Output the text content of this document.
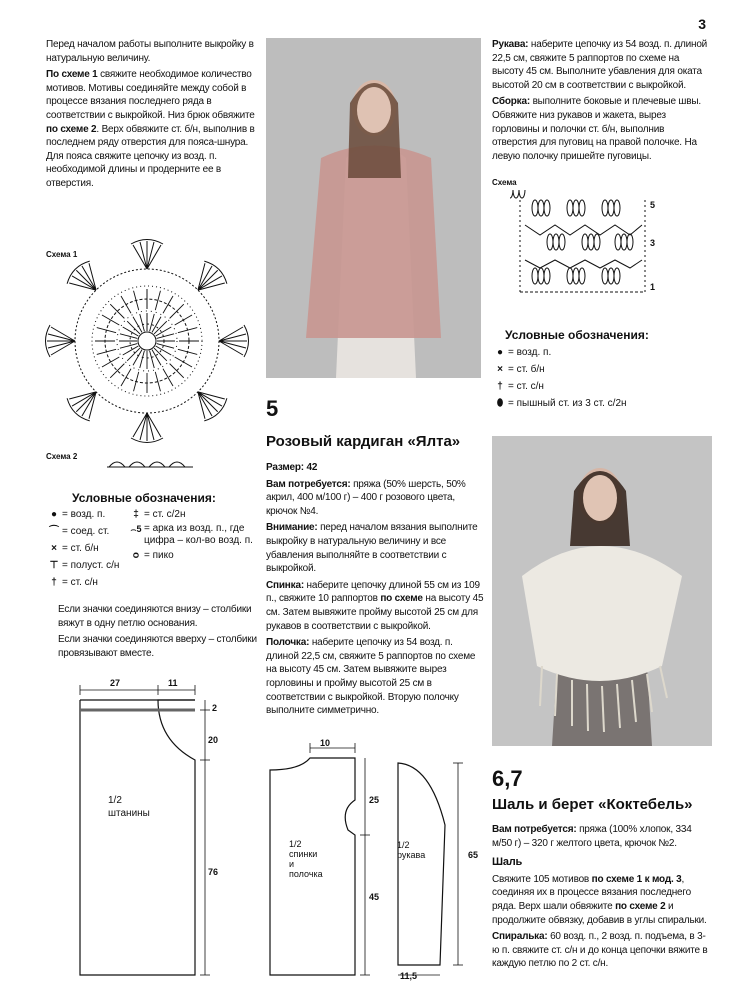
3

Перед началом работы выполните выкройку в натуральную величину.

По схеме 1 свяжите необходимое количество мотивов. Мотивы соединяйте между собой в процессе вязания последнего ряда в соответствии с выкройкой. Низ брюк обвяжите по схеме 2. Верх обвяжите ст. б/н, выполнив в последнем ряду отверстия для пояса-шнура. Для пояса свяжите цепочку из возд. п. необходимой длины и продерните ее в отверстия.

Схема 1
Схема 2
Условные обозначения:
● = возд. п.
⌒ = соед. ст.
× = ст. б/н
⊤ = полуст. с/н
† = ст. с/н
‡ = ст. с/2н
⌢5 = арка из возд. п., где цифра – кол-во возд. п.
ᴑ = пико

Если значки соединяются внизу – столбики вяжут в одну петлю основания.

Если значки соединяются вверху – столбики провязывают вместе.

27	11
2
20
76
1/2
штанины
5
Розовый кардиган «Ялта»

Размер: 42

Вам потребуется: пряжа (50% шерсть, 50% акрил, 400 м/100 г) – 400 г розового цвета, крючок №4.

Внимание: перед началом вязания выполните выкройку в натуральную величину и все убавления выполняйте в соответствии с выкройкой.

Спинка: наберите цепочку длиной 55 см из 109 п., свяжите 10 раппортов по схеме на высоту 45 см. Затем вывяжите пройму высотой 25 см для рукавов в соответствии с выкройкой.

Полочка: наберите цепочку из 54 возд. п. длиной 22,5 см, свяжите 5 раппортов по схеме на высоту 45 см. Затем вывяжите вырез горловины и пройму высотой 25 см в соответствии с выкройкой. Вторую полочку выполните симметрично.

10
25
45
1/2
спинки
и
полочка
65
11,5
1/2
рукава

Рукава: наберите цепочку из 54 возд. п. длиной 22,5 см, свяжите 5 раппортов по схеме на высоту 45 см. Выполните убавления для оката высотой 20 см в соответствии с выкройкой.

Сборка: выполните боковые и плечевые швы. Обвяжите низ рукавов и жакета, вырез горловины и полочки ст. б/н, выполнив отверстия для пуговиц на правой полочке. На левую полочку пришейте пуговицы.

Схема
5
3
1
Условные обозначения:
● = возд. п.
× = ст. б/н
† = ст. с/н
⬮ = пышный ст. из 3 ст. с/2н
6,7
Шаль и берет «Коктебель»

Вам потребуется: пряжа (100% хлопок, 334 м/50 г) – 320 г желтого цвета, крючок №2.

Шаль

Свяжите 105 мотивов по схеме 1 к мод. 3, соединяя их в процессе вязания последнего ряда. Верх шали обвяжите по схеме 2 и продолжите обвязку, добавив в углы спиральки.

Спиралька: 60 возд. п., 2 возд. п. подъема, в 3-ю п. свяжите ст. с/н и до конца цепочки вяжите в каждую петлю по 2 ст. с/н.
